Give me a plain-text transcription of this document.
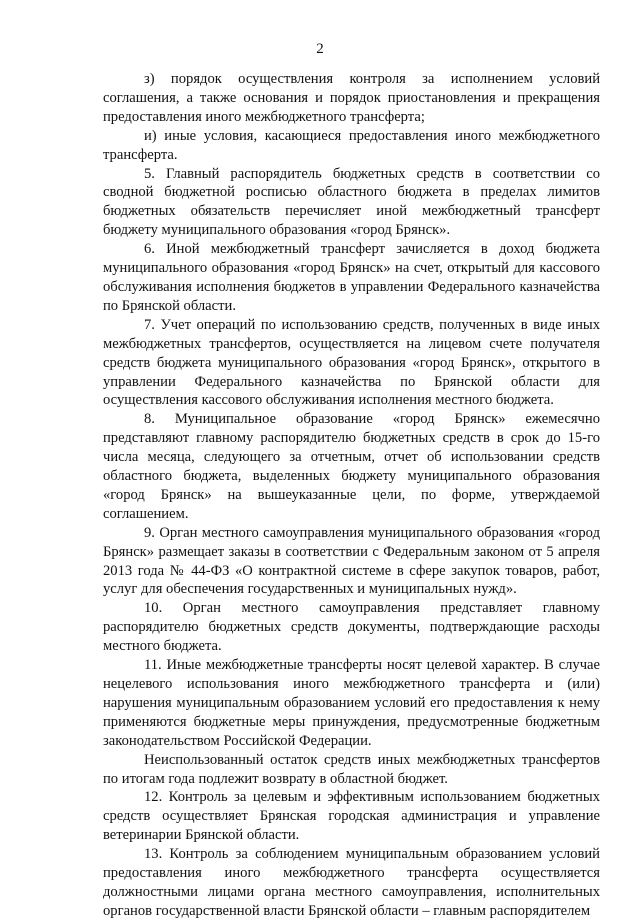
2

з) порядок осуществления контроля за исполнением условий соглашения, а также основания и порядок приостановления и прекращения предоставления иного межбюджетного трансферта;

и) иные условия, касающиеся предоставления иного межбюджетного трансферта.

5. Главный распорядитель бюджетных средств в соответствии со сводной бюджетной росписью областного бюджета в пределах лимитов бюджетных обязательств перечисляет иной межбюджетный трансферт бюджету муниципального образования «город Брянск».

6. Иной межбюджетный трансферт зачисляется в доход бюджета муниципального образования «город Брянск» на счет, открытый для кассового обслуживания исполнения бюджетов в управлении Федерального казначейства по Брянской области.

7. Учет операций по использованию средств, полученных в виде иных межбюджетных трансфертов, осуществляется на лицевом счете получателя средств бюджета муниципального образования «город Брянск», открытого в управлении Федерального казначейства по Брянской области для осуществления кассового обслуживания исполнения местного бюджета.

8. Муниципальное образование «город Брянск» ежемесячно представляют главному распорядителю бюджетных средств в срок до 15-го числа месяца, следующего за отчетным, отчет об использовании средств областного бюджета, выделенных бюджету муниципального образования «город Брянск» на вышеуказанные цели, по форме, утверждаемой соглашением.

9. Орган местного самоуправления муниципального образования «город Брянск» размещает заказы в соответствии с Федеральным законом от 5 апреля 2013 года № 44-ФЗ «О контрактной системе в сфере закупок товаров, работ, услуг для обеспечения государственных и муниципальных нужд».

10. Орган местного самоуправления представляет главному распорядителю бюджетных средств документы, подтверждающие расходы местного бюджета.

11. Иные межбюджетные трансферты носят целевой характер. В случае нецелевого использования иного межбюджетного трансферта и (или) нарушения муниципальным образованием условий его предоставления к нему применяются бюджетные меры принуждения, предусмотренные бюджетным законодательством Российской Федерации.

Неиспользованный остаток средств иных межбюджетных трансфертов по итогам года подлежит возврату в областной бюджет.

12. Контроль за целевым и эффективным использованием бюджетных средств осуществляет Брянская городская администрация и управление ветеринарии Брянской области.

13. Контроль за соблюдением муниципальным образованием условий предоставления иного межбюджетного трансферта осуществляется должностными лицами органа местного самоуправления, исполнительных органов государственной власти Брянской области – главным распорядителем
